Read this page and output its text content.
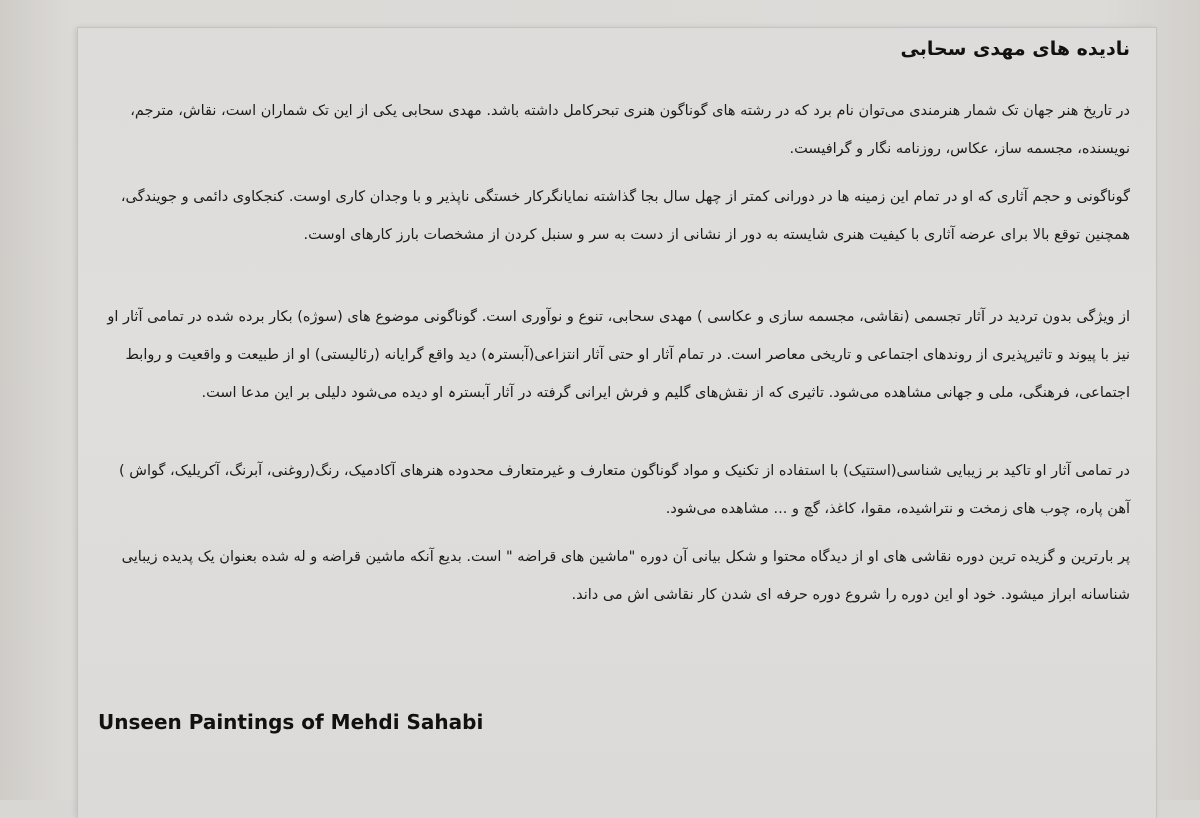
نادیده های مهدی سحابی

در تاریخ هنر جهان تک شمار هنرمندی می‌توان نام برد که در رشته های گوناگون هنری تبحرکامل داشته باشد. مهدی سحابی یکی از این تک شماران است، نقاش، مترجم، نویسنده، مجسمه ساز، عکاس، روزنامه نگار و گرافیست.

گوناگونی و حجم آثاری که او در تمام این زمینه ها در دورانی کمتر از چهل سال بجا گذاشته نمایانگرکار خستگی ناپذیر و با وجدان کاری اوست. کنجکاوی دائمی و جویندگی، همچنین توقع بالا برای عرضه آثاری با کیفیت هنری شایسته به دور از نشانی از دست به سر و سنبل کردن از مشخصات بارز کارهای اوست.

از ویژگی بدون تردید در آثار تجسمی (نقاشی، مجسمه سازی و عکاسی ) مهدی سحابی، تنوع و نوآوری است. گوناگونی موضوع های (سوژه) بکار برده شده در تمامی آثار او نیز با پیوند و تاثیرپذیری از روندهای اجتماعی و تاریخی معاصر است. در تمام آثار او حتی آثار انتزاعی(آبسترہ) دید واقع گرایانه (رئالیستی) او از طبیعت و واقعیت و روابط اجتماعی، فرهنگی، ملی و جهانی مشاهده می‌شود. تاثیری که از نقش‌های گلیم و فرش ایرانی گرفته در آثار آبسترہ او دیده می‌شود دلیلی بر این مدعا است.

در تمامی آثار او تاکید بر زیبایی شناسی(استتیک) با استفاده از تکنیک و مواد گوناگون متعارف و غیرمتعارف محدوده هنرهای آکادمیک، رنگ(روغنی، آبرنگ، آکریلیک، گواش ) آهن پاره، چوب های زمخت و نتراشیده، مقوا، کاغذ، گچ و ... مشاهده می‌شود.

پر بارترین و گزیده ترین دوره نقاشی های او از دیدگاه محتوا و شکل بیانی آن دوره "ماشین های قراضه " است. بدیع آنکه ماشین قراضه و له شده بعنوان یک پدیده زیبایی شناسانه ابراز میشود. خود او این دوره را شروع دوره حرفه ای شدن کار نقاشی اش می داند.

Unseen Paintings of Mehdi Sahabi
